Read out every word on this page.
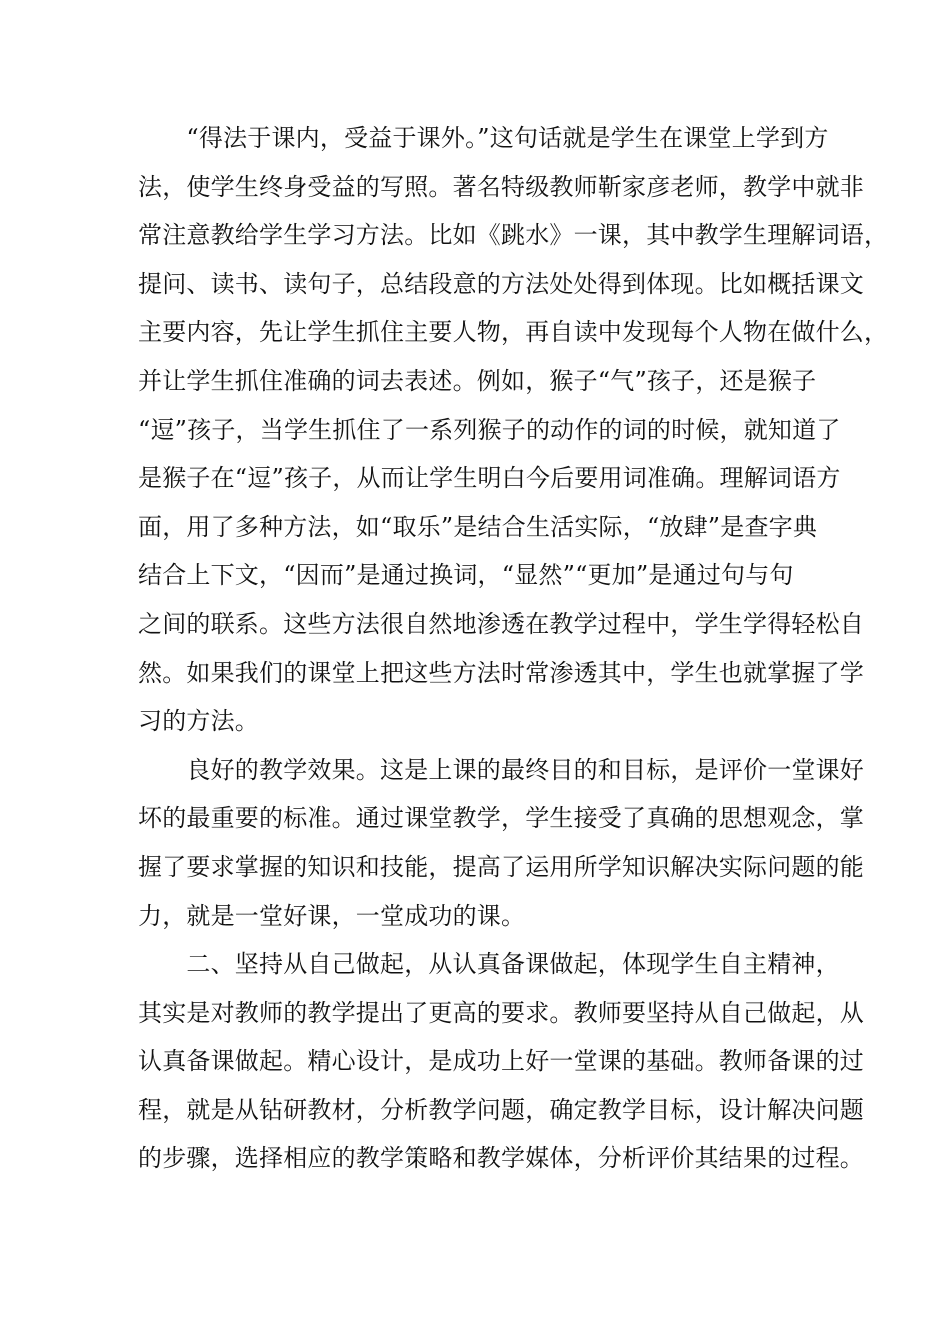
　　“得法于课内，受益于课外。”这句话就是学生在课堂上学到方
法，使学生终身受益的写照。著名特级教师靳家彦老师，教学中就非
常注意教给学生学习方法。比如《跳水》一课，其中教学生理解词语，
提问、读书、读句子，总结段意的方法处处得到体现。比如概括课文
主要内容，先让学生抓住主要人物，再自读中发现每个人物在做什么，
并让学生抓住准确的词去表述。例如，猴子“气”孩子，还是猴子
“逗”孩子，当学生抓住了一系列猴子的动作的词的时候，就知道了
是猴子在“逗”孩子，从而让学生明白今后要用词准确。理解词语方
面，用了多种方法，如“取乐”是结合生活实际，“放肆”是查字典
结合上下文，“因而”是通过换词，“显然”“更加”是通过句与句
之间的联系。这些方法很自然地渗透在教学过程中，学生学得轻松自
然。如果我们的课堂上把这些方法时常渗透其中，学生也就掌握了学
习的方法。
　　良好的教学效果。这是上课的最终目的和目标，是评价一堂课好
坏的最重要的标准。通过课堂教学，学生接受了真确的思想观念，掌
握了要求掌握的知识和技能，提高了运用所学知识解决实际问题的能
力，就是一堂好课，一堂成功的课。
　　二、坚持从自己做起，从认真备课做起，体现学生自主精神，
其实是对教师的教学提出了更高的要求。教师要坚持从自己做起，从
认真备课做起。精心设计，是成功上好一堂课的基础。教师备课的过
程，就是从钻研教材，分析教学问题，确定教学目标，设计解决问题
的步骤，选择相应的教学策略和教学媒体，分析评价其结果的过程。
